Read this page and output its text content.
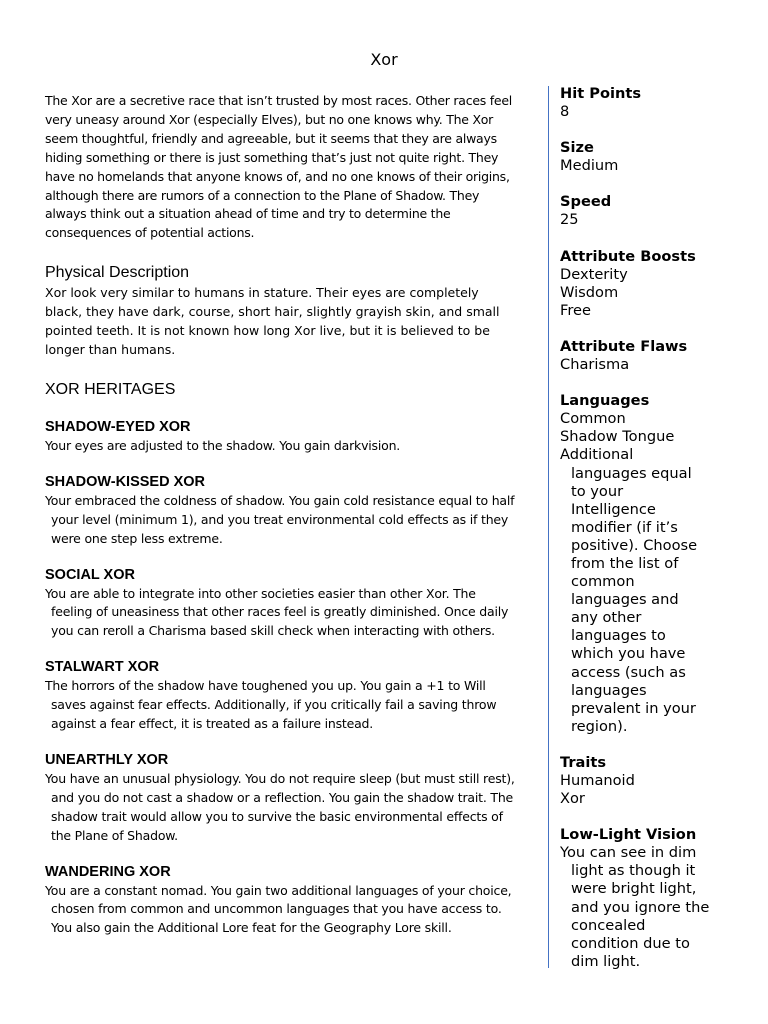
Xor

The Xor are a secretive race that isn’t trusted by most races. Other races feel very uneasy around Xor (especially Elves), but no one knows why. The Xor seem thoughtful, friendly and agreeable, but it seems that they are always hiding something or there is just something that’s just not quite right. They have no homelands that anyone knows of, and no one knows of their origins, although there are rumors of a connection to the Plane of Shadow. They always think out a situation ahead of time and try to determine the consequences of potential actions.

Physical Description

Xor look very similar to humans in stature. Their eyes are completely black, they have dark, course, short hair, slightly grayish skin, and small pointed teeth. It is not known how long Xor live, but it is believed to be longer than humans.

XOR HERITAGES
SHADOW-EYED XOR

Your eyes are adjusted to the shadow. You gain darkvision.

SHADOW-KISSED XOR

Your embraced the coldness of shadow. You gain cold resistance equal to half your level (minimum 1), and you treat environmental cold effects as if they were one step less extreme.

SOCIAL XOR

You are able to integrate into other societies easier than other Xor. The feeling of uneasiness that other races feel is greatly diminished. Once daily you can reroll a Charisma based skill check when interacting with others.

STALWART XOR

The horrors of the shadow have toughened you up. You gain a +1 to Will saves against fear effects. Additionally, if you critically fail a saving throw against a fear effect, it is treated as a failure instead.

UNEARTHLY XOR

You have an unusual physiology. You do not require sleep (but must still rest), and you do not cast a shadow or a reflection. You gain the shadow trait. The shadow trait would allow you to survive the basic environmental effects of the Plane of Shadow.

WANDERING XOR

You are a constant nomad. You gain two additional languages of your choice, chosen from common and uncommon languages that you have access to. You also gain the Additional Lore feat for the Geography Lore skill.

Hit Points
8
Size
Medium
Speed
25
Attribute Boosts
Dexterity
Wisdom
Free
Attribute Flaws
Charisma
Languages
Common
Shadow Tongue
Additional languages equal to your Intelligence modifier (if it’s positive). Choose from the list of common languages and any other languages to which you have access (such as languages prevalent in your region).
Traits
Humanoid
Xor
Low-Light Vision
You can see in dim light as though it were bright light, and you ignore the concealed condition due to dim light.
